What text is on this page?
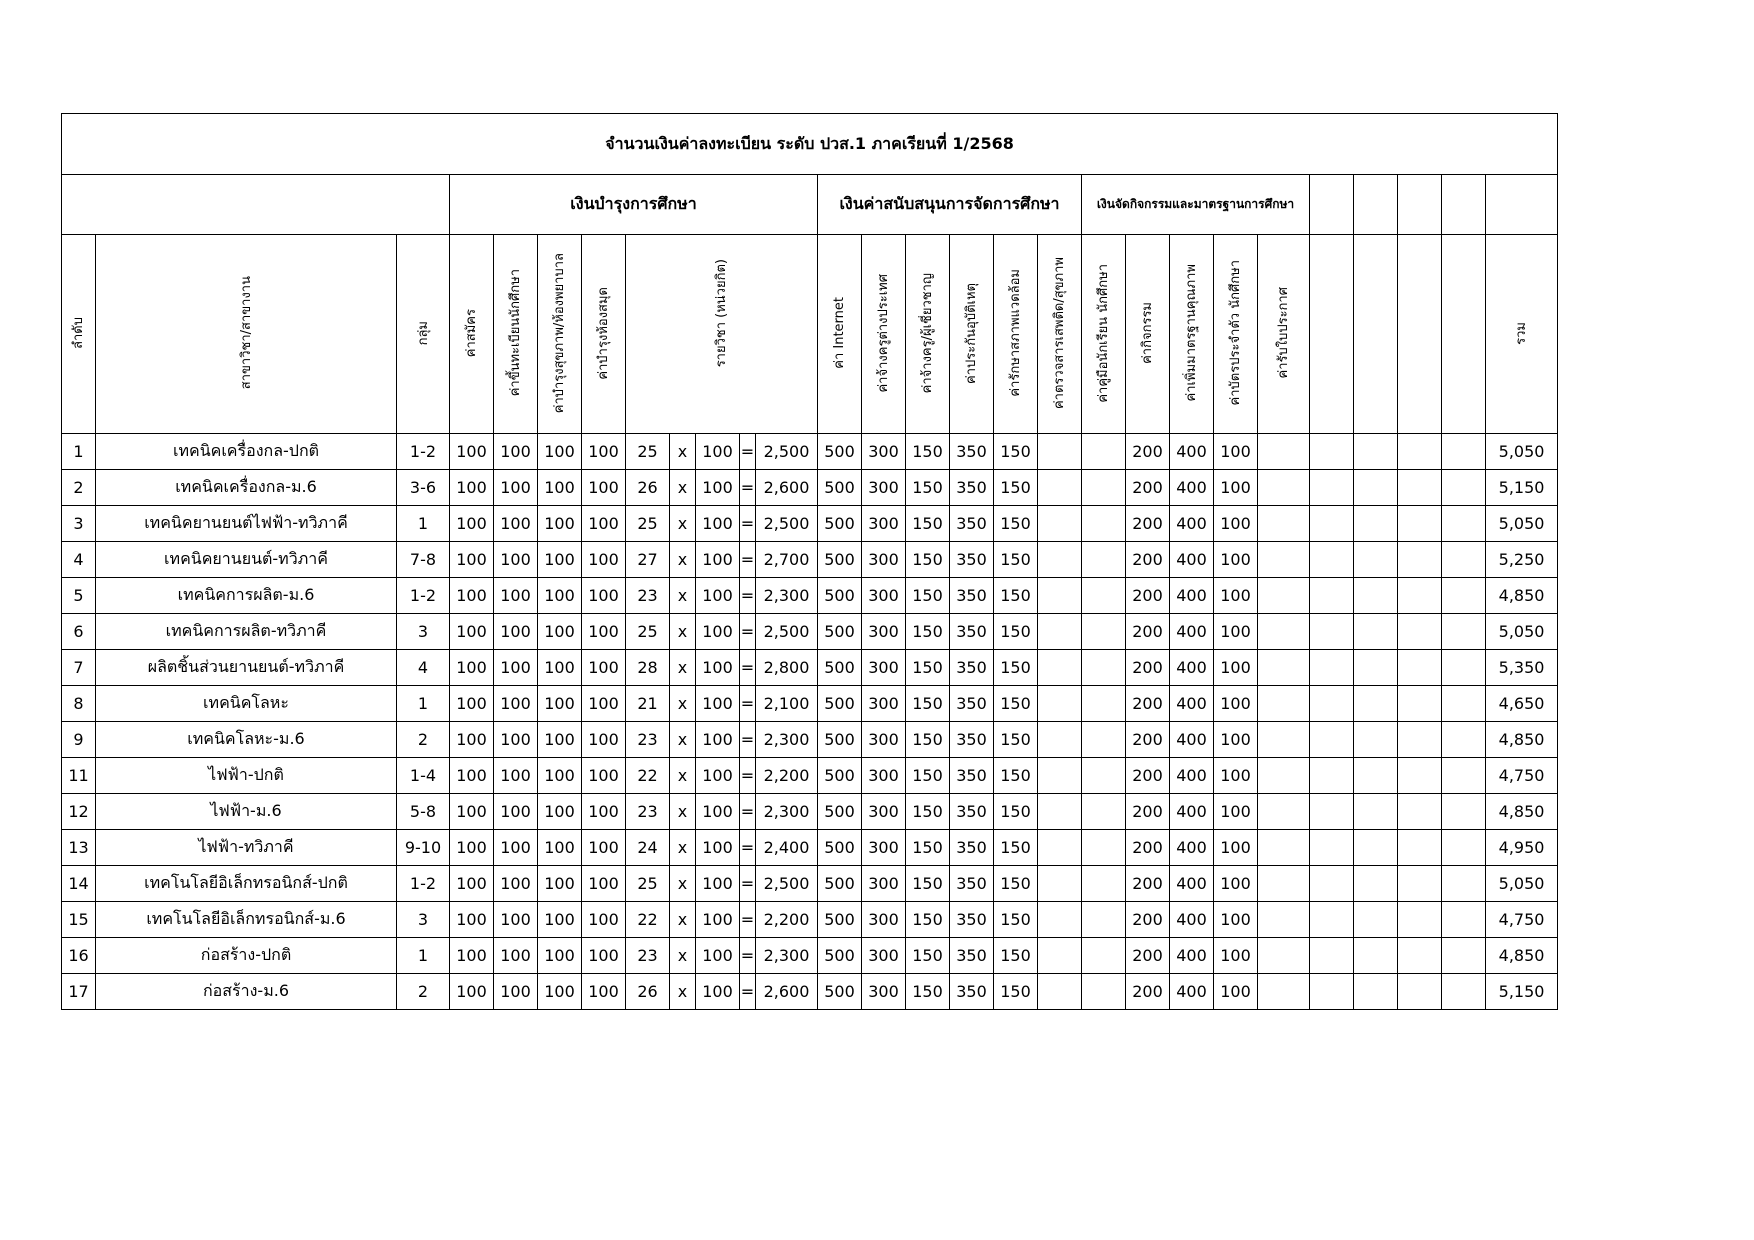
จำนวนเงินค่าลงทะเบียน ระดับ ปวส.1 ภาคเรียนที่ 1/2568																											
			เงินบำรุงการศึกษา									เงินค่าสนับสนุนการจัดการศึกษา						เงินจัดกิจกรรมและมาตรฐานการศึกษา									
ลำดับ	สาขาวิชา/สาขางาน	กลุ่ม	ค่าสมัคร	ค่าขึ้นทะเบียนนักศึกษา	ค่าบำรุงสุขภาพ/ห้องพยาบาล	ค่าบำรุงห้องสมุด	รายวิชา (หน่วยกิต)					ค่า Internet	ค่าจ้างครูต่างประเทศ	ค่าจ้างครู/ผู้เชี่ยวชาญ	ค่าประกันอุบัติเหตุ	ค่ารักษาสภาพแวดล้อม	ค่าตรวจสารเสพติด/สุขภาพ	ค่าคู่มือนักเรียน นักศึกษา	ค่ากิจกรรม	ค่าเพิ่มมาตรฐานคุณภาพ	ค่าบัตรประจำตัว นักศึกษา	ค่ารับใบประกาศ					รวม
1	เทคนิคเครื่องกล-ปกติ	1-2	100	100	100	100	25	x	100	=	2,500	500	300	150	350	150			200	400	100						5,050
2	เทคนิคเครื่องกล-ม.6	3-6	100	100	100	100	26	x	100	=	2,600	500	300	150	350	150			200	400	100						5,150
3	เทคนิคยานยนต์ไฟฟ้า-ทวิภาคี	1	100	100	100	100	25	x	100	=	2,500	500	300	150	350	150			200	400	100						5,050
4	เทคนิคยานยนต์-ทวิภาคี	7-8	100	100	100	100	27	x	100	=	2,700	500	300	150	350	150			200	400	100						5,250
5	เทคนิคการผลิต-ม.6	1-2	100	100	100	100	23	x	100	=	2,300	500	300	150	350	150			200	400	100						4,850
6	เทคนิคการผลิต-ทวิภาคี	3	100	100	100	100	25	x	100	=	2,500	500	300	150	350	150			200	400	100						5,050
7	ผลิตชิ้นส่วนยานยนต์-ทวิภาคี	4	100	100	100	100	28	x	100	=	2,800	500	300	150	350	150			200	400	100						5,350
8	เทคนิคโลหะ	1	100	100	100	100	21	x	100	=	2,100	500	300	150	350	150			200	400	100						4,650
9	เทคนิคโลหะ-ม.6	2	100	100	100	100	23	x	100	=	2,300	500	300	150	350	150			200	400	100						4,850
11	ไฟฟ้า-ปกติ	1-4	100	100	100	100	22	x	100	=	2,200	500	300	150	350	150			200	400	100						4,750
12	ไฟฟ้า-ม.6	5-8	100	100	100	100	23	x	100	=	2,300	500	300	150	350	150			200	400	100						4,850
13	ไฟฟ้า-ทวิภาคี	9-10	100	100	100	100	24	x	100	=	2,400	500	300	150	350	150			200	400	100						4,950
14	เทคโนโลยีอิเล็กทรอนิกส์-ปกติ	1-2	100	100	100	100	25	x	100	=	2,500	500	300	150	350	150			200	400	100						5,050
15	เทคโนโลยีอิเล็กทรอนิกส์-ม.6	3	100	100	100	100	22	x	100	=	2,200	500	300	150	350	150			200	400	100						4,750
16	ก่อสร้าง-ปกติ	1	100	100	100	100	23	x	100	=	2,300	500	300	150	350	150			200	400	100						4,850
17	ก่อสร้าง-ม.6	2	100	100	100	100	26	x	100	=	2,600	500	300	150	350	150			200	400	100						5,150
